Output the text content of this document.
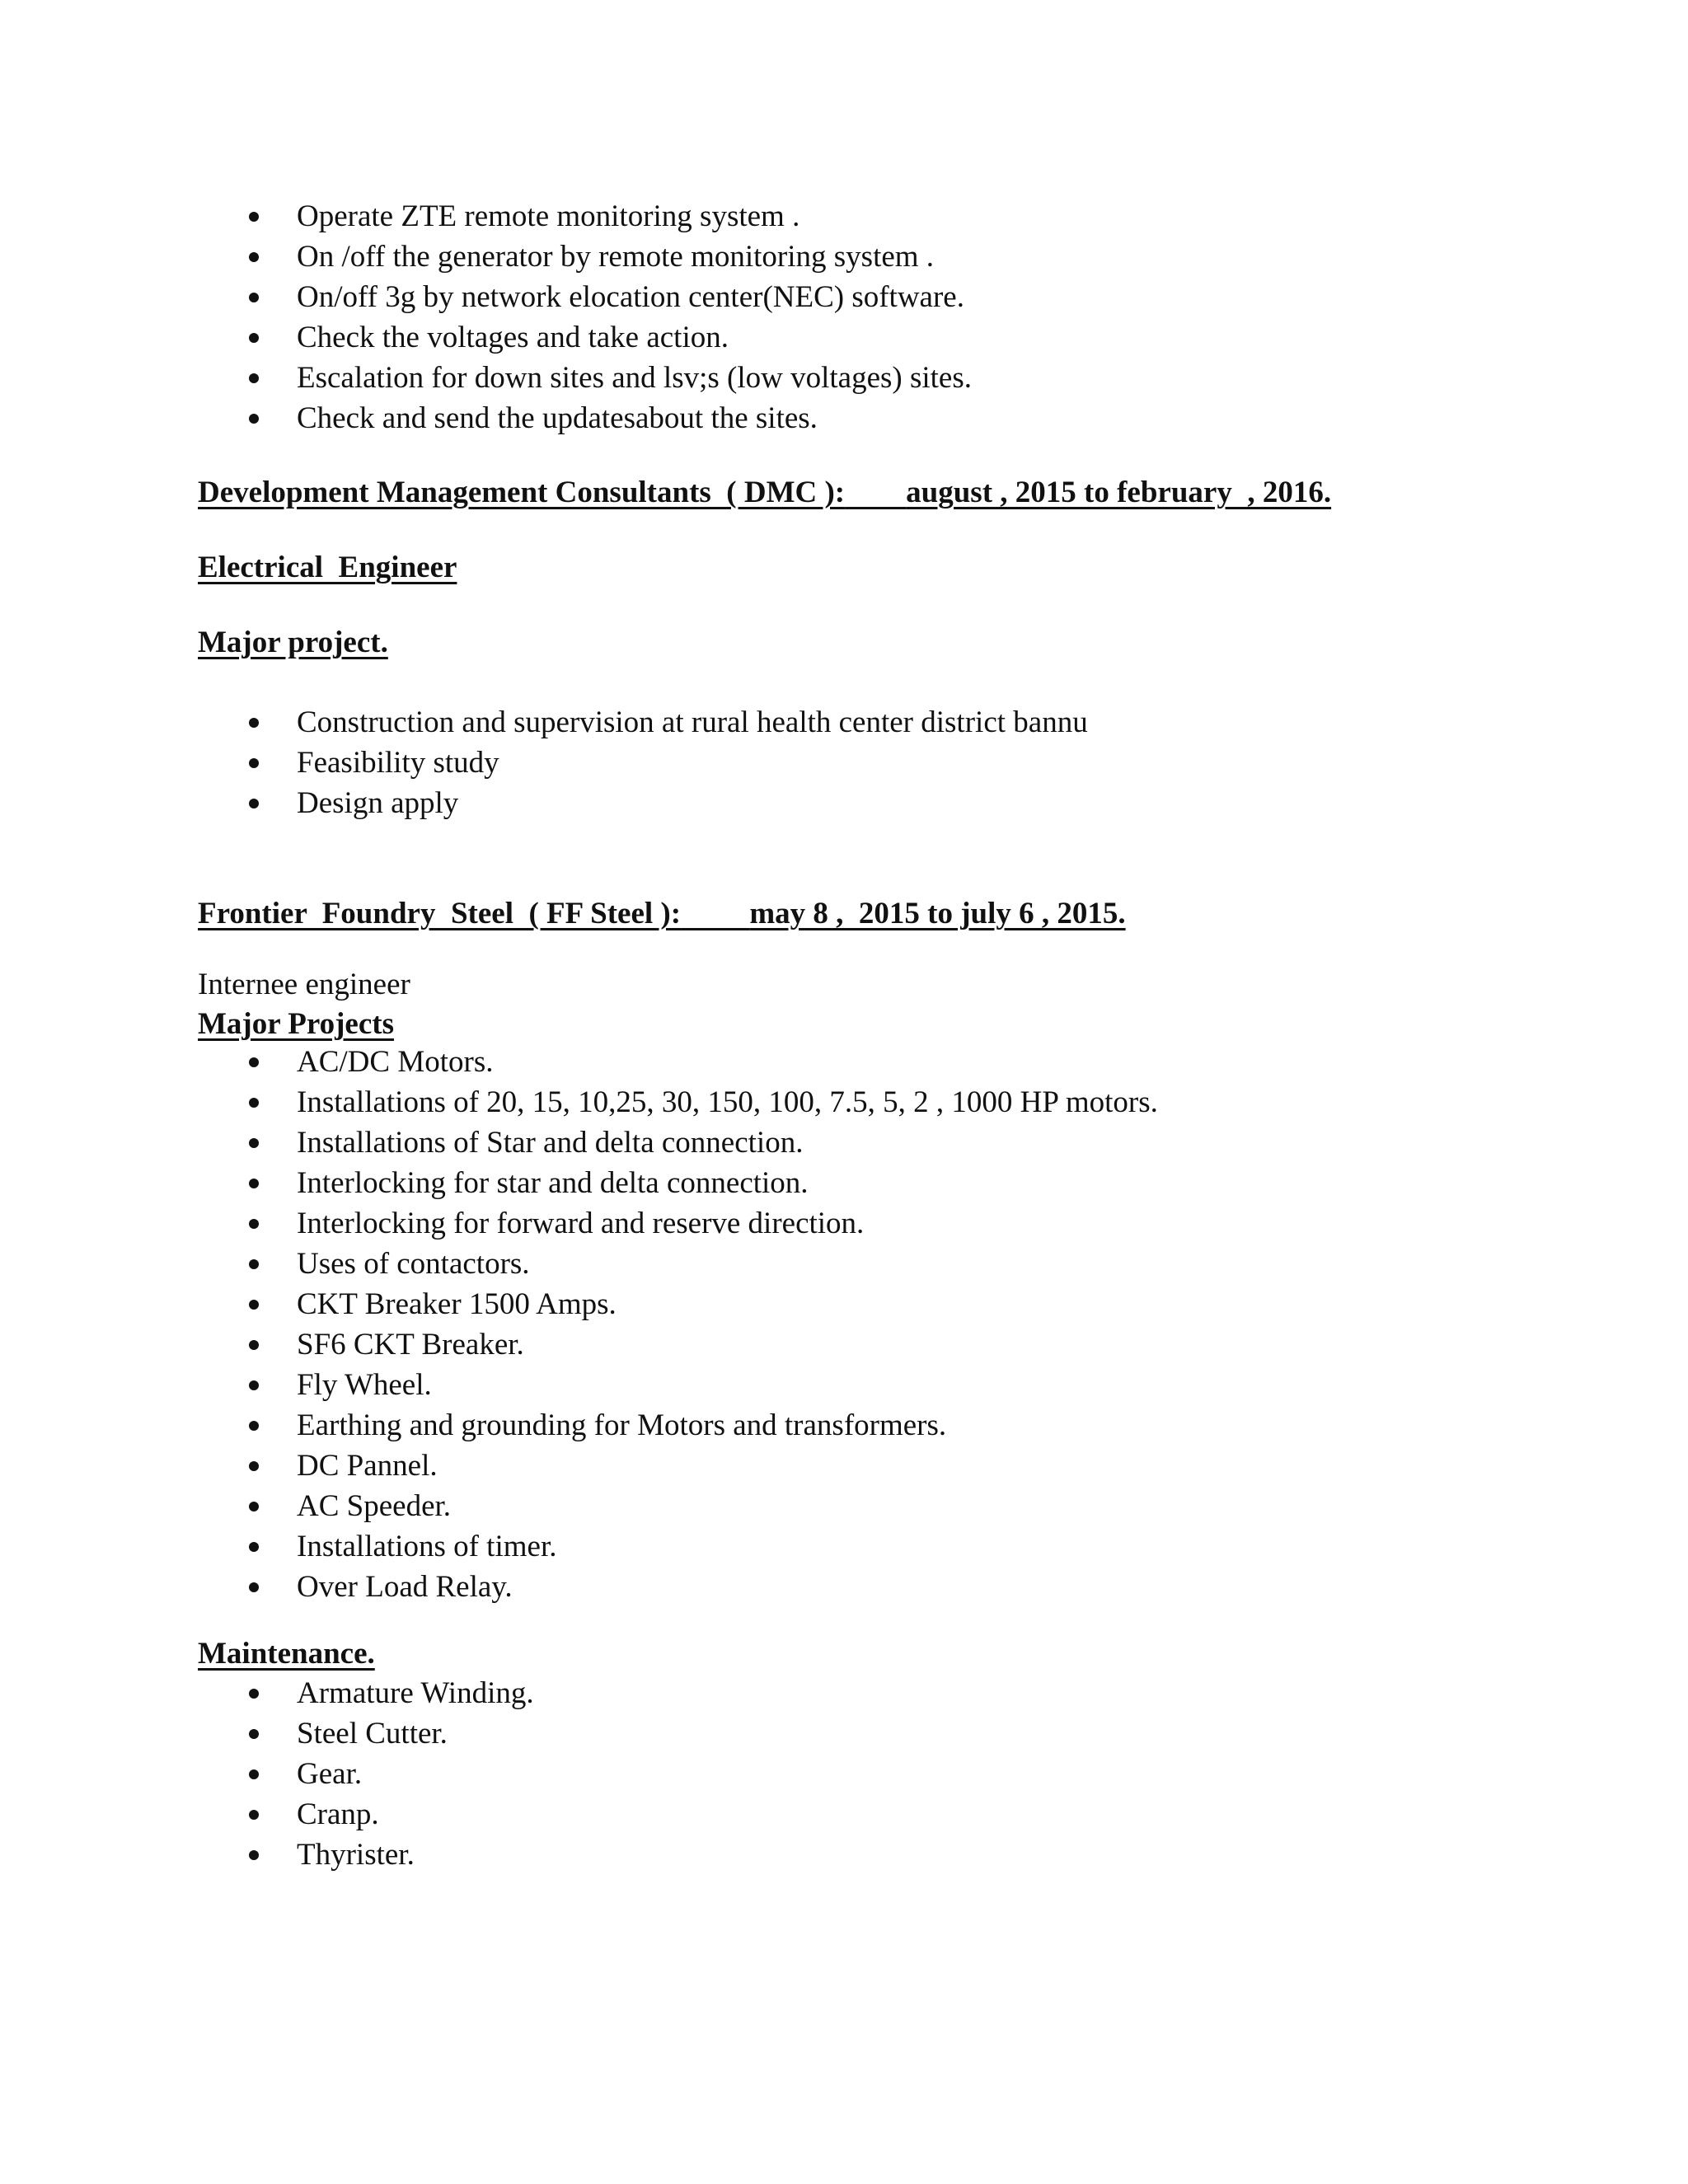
Operate ZTE remote monitoring system .
On /off the generator by remote monitoring system .
On/off 3g by network elocation center(NEC) software.
Check the voltages and take action.
Escalation for down sites and lsv;s (low voltages) sites.
Check and send the updatesabout the sites.
Development Management Consultants  ( DMC ): august , 2015 to february  , 2016.
Electrical  Engineer
Major project.
Construction and supervision at rural health center district bannu
Feasibility study
Design apply
Frontier  Foundry  Steel  ( FF Steel ): may 8 ,  2015 to july 6 , 2015.
Internee engineer
Major Projects
AC/DC Motors.
Installations of 20, 15, 10,25, 30, 150, 100, 7.5, 5, 2 , 1000 HP motors.
Installations of Star and delta connection.
Interlocking for star and delta connection.
Interlocking for forward and reserve direction.
Uses of contactors.
CKT Breaker 1500 Amps.
SF6 CKT Breaker.
Fly Wheel.
Earthing and grounding for Motors and transformers.
DC Pannel.
AC Speeder.
Installations of timer.
Over Load Relay.
Maintenance.
Armature Winding.
Steel Cutter.
Gear.
Cranp.
Thyrister.
